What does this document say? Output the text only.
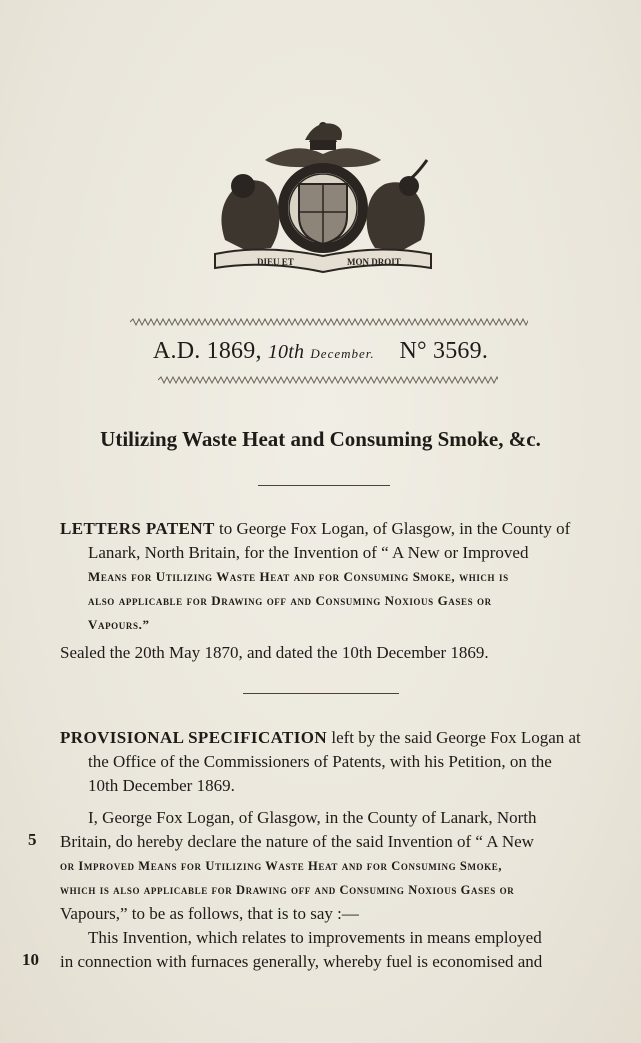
DIEU ET	MON DROIT
A.D. 1869, 10th December. N° 3569.
Utilizing Waste Heat and Consuming Smoke, &c.
LETTERS PATENT to George Fox Logan, of Glasgow, in the County of
Lanark, North Britain, for the Invention of “ A New or Improved
Means for Utilizing Waste Heat and for Consuming Smoke, which is
also applicable for Drawing off and Consuming Noxious Gases or
Vapours.”
Sealed the 20th May 1870, and dated the 10th December 1869.
PROVISIONAL SPECIFICATION left by the said George Fox Logan at
the Office of the Commissioners of Patents, with his Petition, on the
10th December 1869.
I, George Fox Logan, of Glasgow, in the County of Lanark, North
Britain, do hereby declare the nature of the said Invention of “ A New
or Improved Means for Utilizing Waste Heat and for Consuming Smoke,
which is also applicable for Drawing off and Consuming Noxious Gases or
Vapours,” to be as follows, that is to say :—
This Invention, which relates to improvements in means employed
in connection with furnaces generally, whereby fuel is economised and
5
10
